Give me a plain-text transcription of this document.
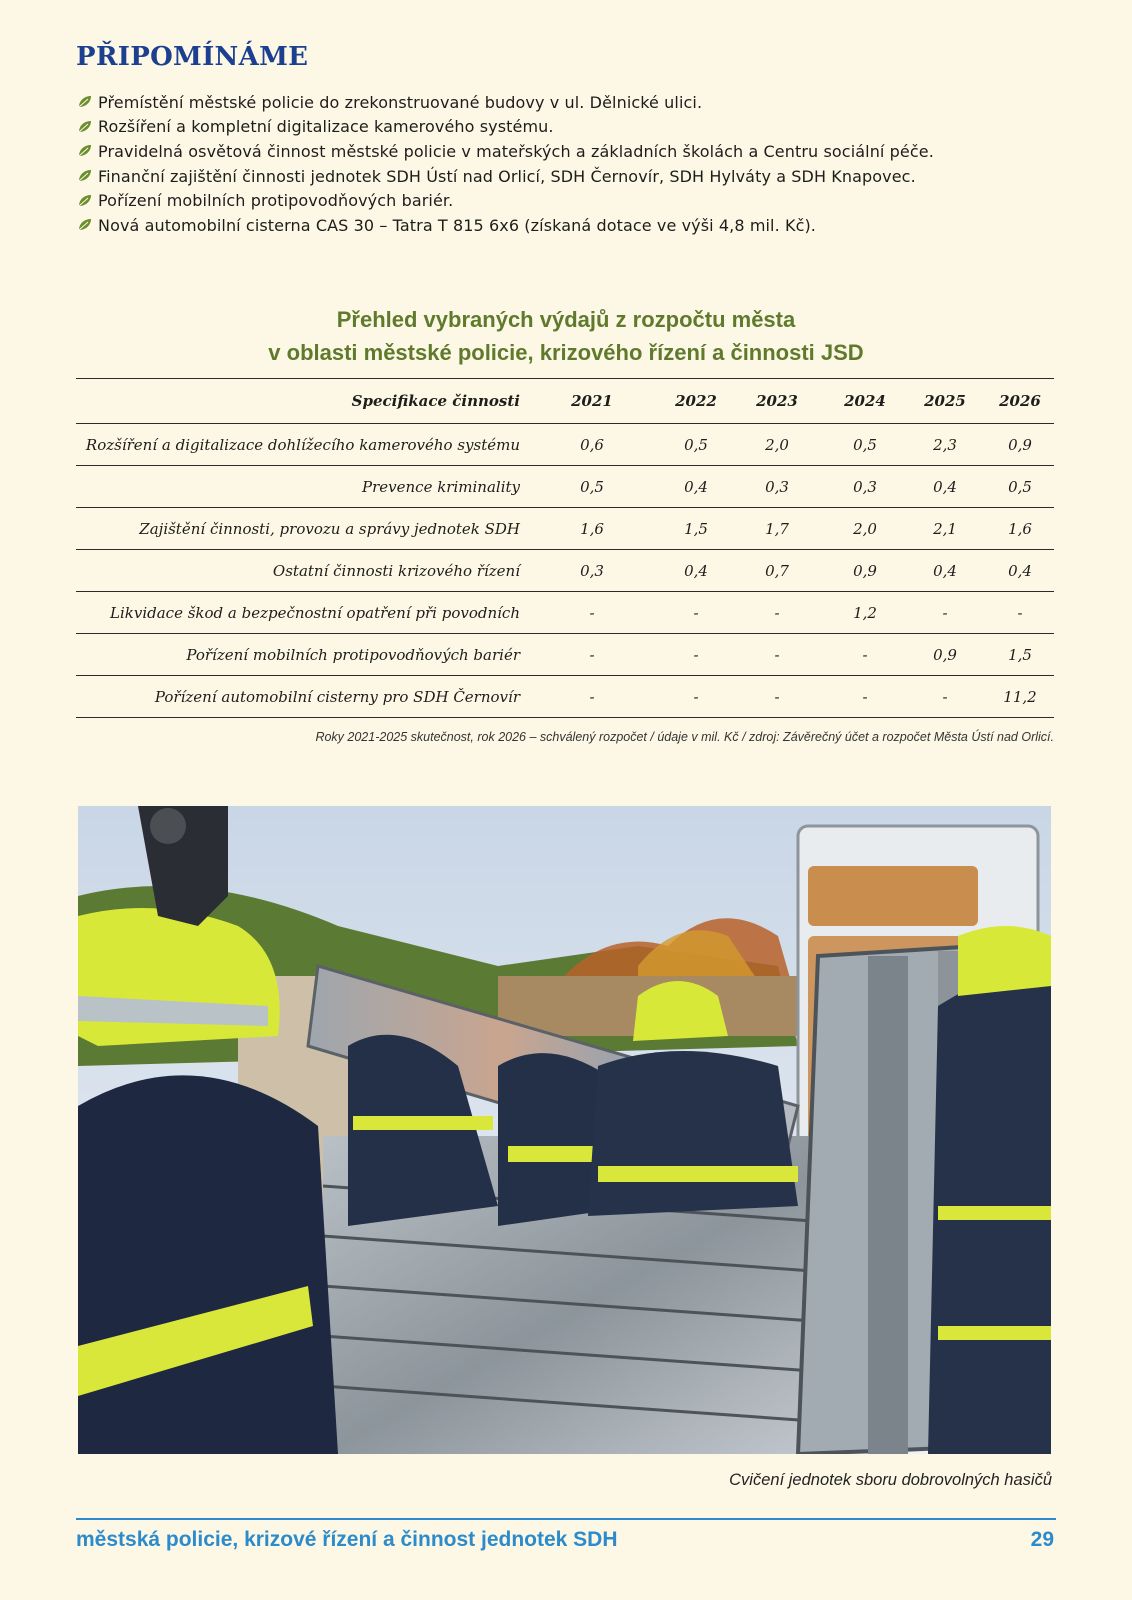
PŘIPOMÍNÁME
Přemístění městské policie do zrekonstruované budovy v ul. Dělnické ulici.
Rozšíření a kompletní digitalizace kamerového systému.
Pravidelná osvětová činnost městské policie v mateřských a základních školách a Centru sociální péče.
Finanční zajištění činnosti jednotek SDH Ústí nad Orlicí, SDH Černovír, SDH Hylváty a SDH Knapovec.
Pořízení mobilních protipovodňových bariér.
Nová automobilní cisterna CAS 30 – Tatra T 815 6x6 (získaná dotace ve výši 4,8 mil. Kč).
Přehled vybraných výdajů z rozpočtu města
v oblasti městské policie, krizového řízení a činnosti JSD
Specifikace činnosti	2021	2022	2023	2024	2025	2026
Rozšíření a digitalizace dohlížecího kamerového systému	0,6	0,5	2,0	0,5	2,3	0,9
Prevence kriminality	0,5	0,4	0,3	0,3	0,4	0,5
Zajištění činnosti, provozu a správy jednotek SDH	1,6	1,5	1,7	2,0	2,1	1,6
Ostatní činnosti krizového řízení	0,3	0,4	0,7	0,9	0,4	0,4
Likvidace škod a bezpečnostní opatření při povodních	-	-	-	1,2	-	-
Pořízení mobilních protipovodňových bariér	-	-	-	-	0,9	1,5
Pořízení automobilní cisterny pro SDH Černovír	-	-	-	-	-	11,2
Roky 2021-2025 skutečnost, rok 2026 – schválený rozpočet / údaje v mil. Kč / zdroj: Závěrečný účet a rozpočet Města Ústí nad Orlicí.
Cvičení jednotek sboru dobrovolných hasičů
městská policie, krizové řízení a činnost jednotek SDH	29
